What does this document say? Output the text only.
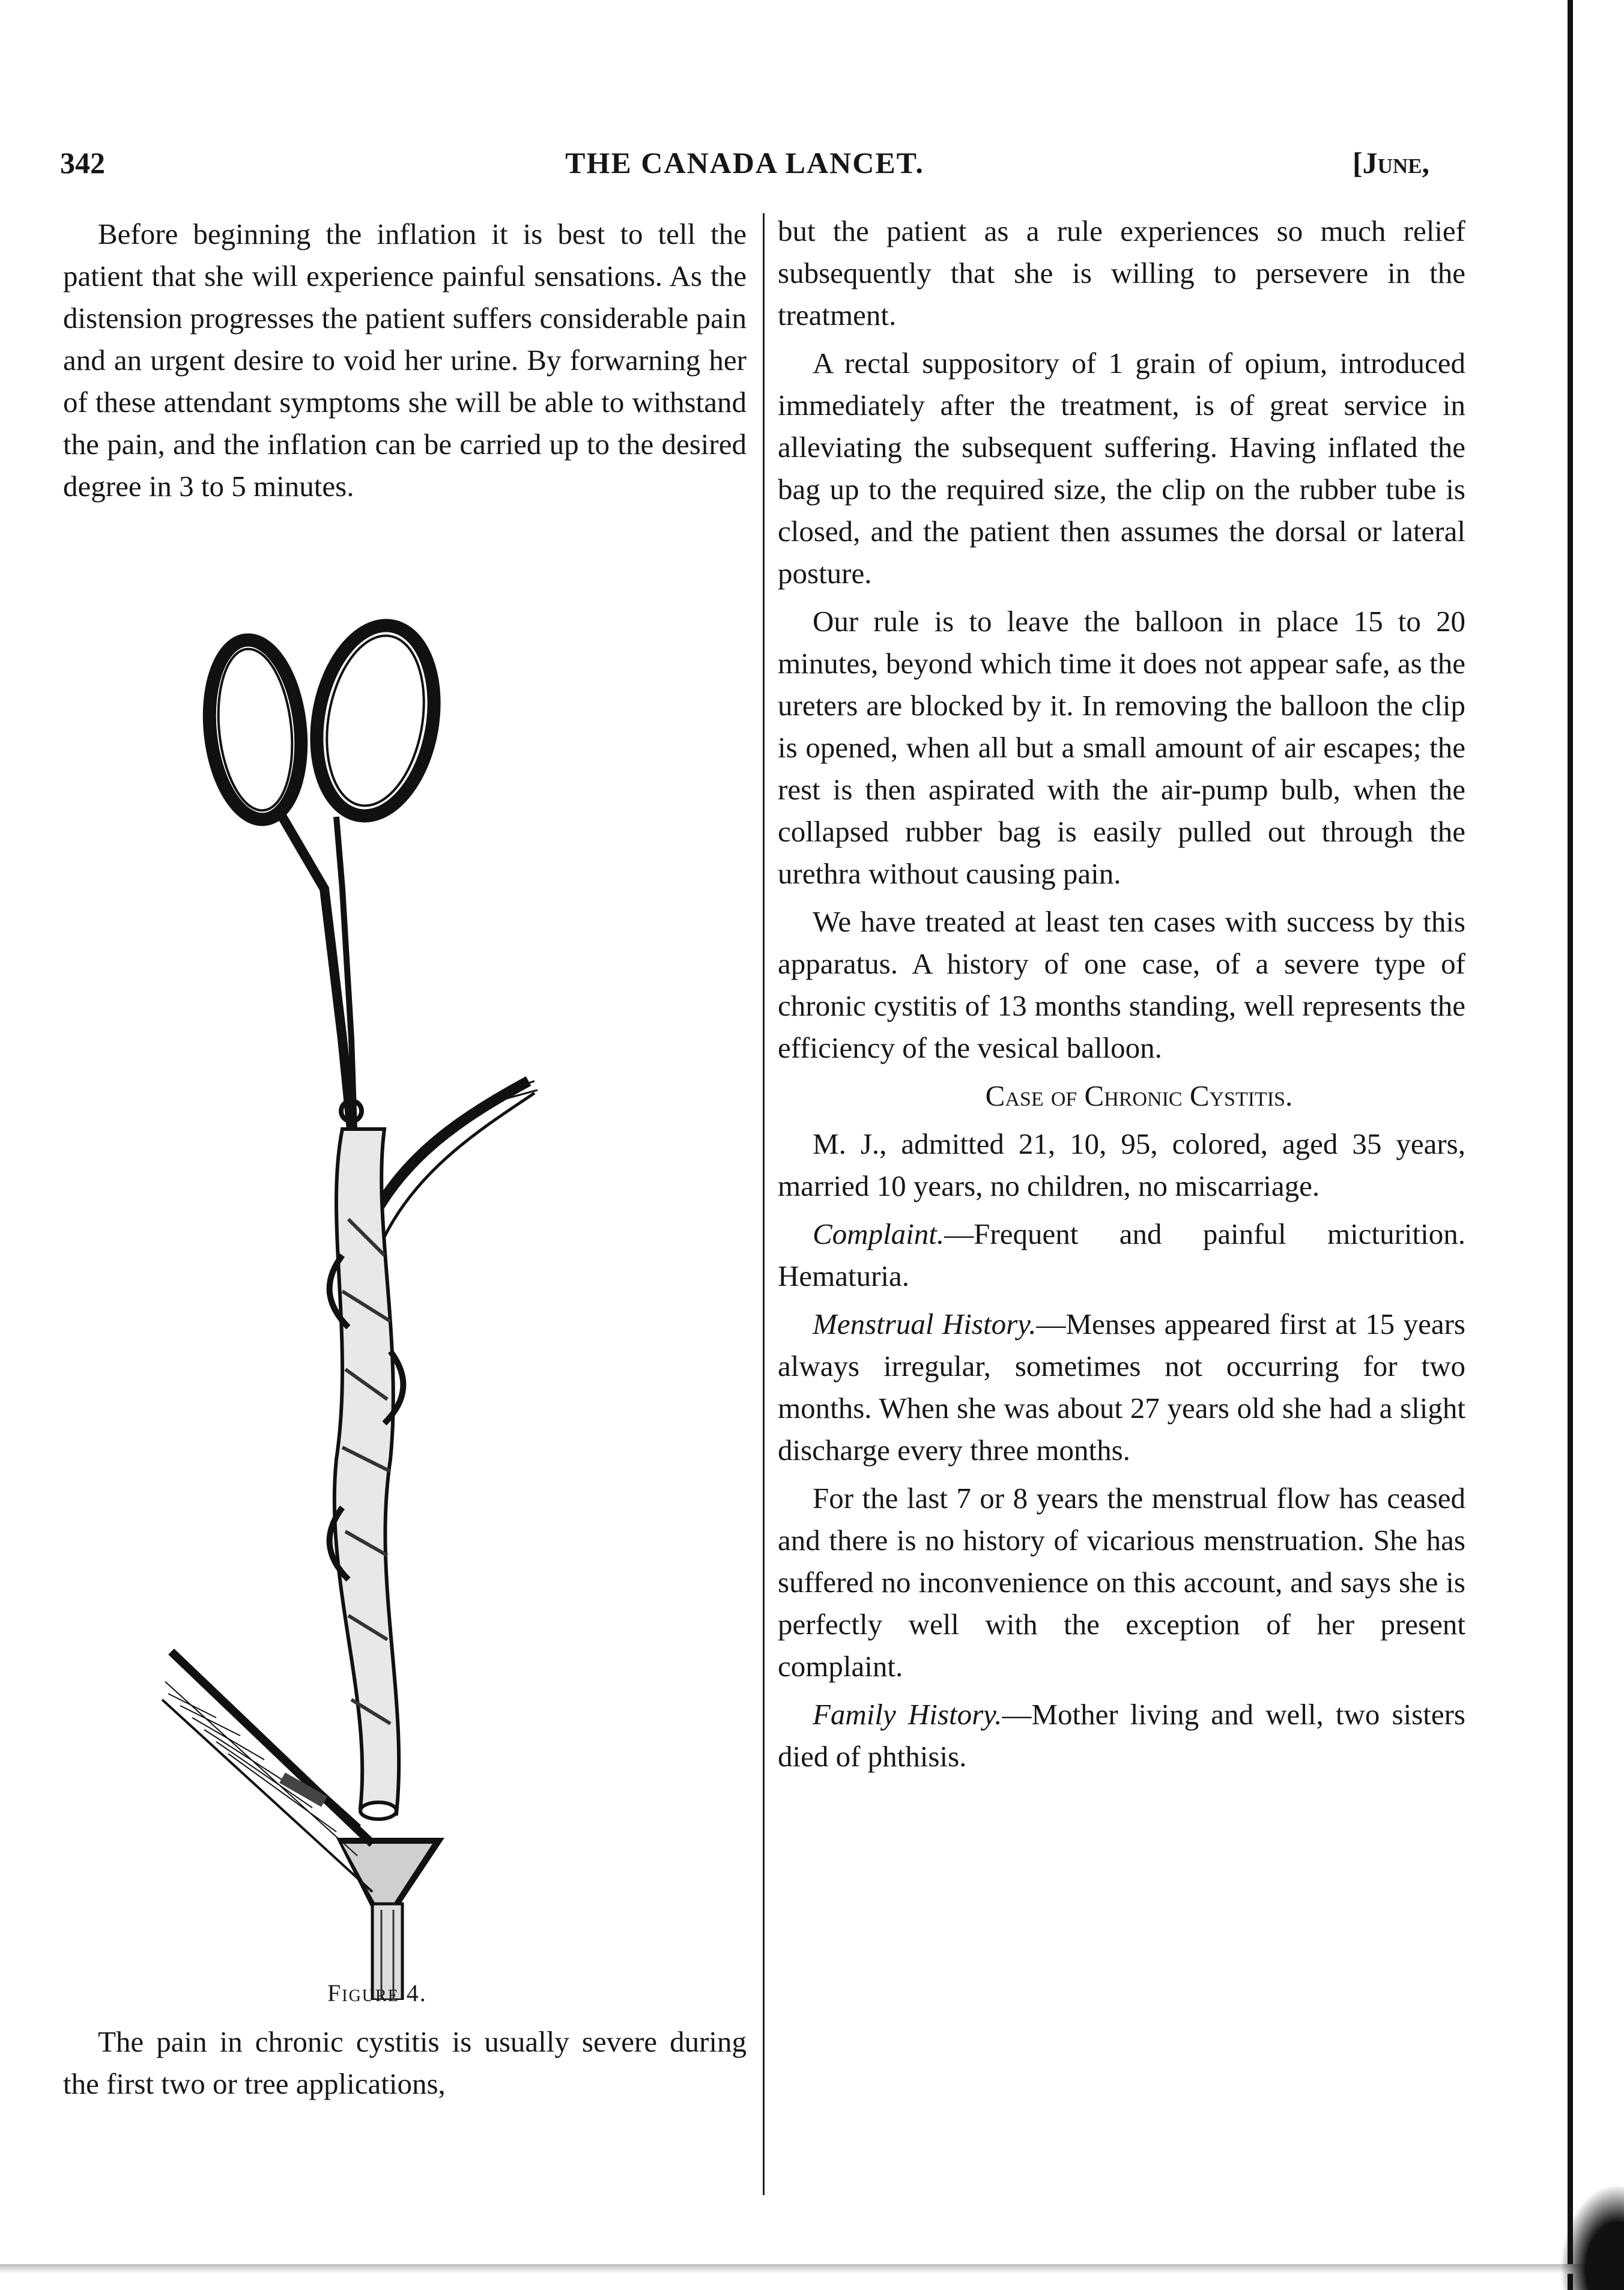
342	THE CANADA LANCET.	[June,

Before beginning the inflation it is best to tell the patient that she will experience painful sensations. As the distension progresses the patient suffers considerable pain and an urgent desire to void her urine. By forwarning her of these attendant symptoms she will be able to withstand the pain, and the inflation can be carried up to the desired degree in 3 to 5 minutes.

Figure 4.

The pain in chronic cystitis is usually severe during the first two or tree applications,

but the patient as a rule experiences so much relief subsequently that she is willing to persevere in the treatment.

A rectal suppository of 1 grain of opium, introduced immediately after the treatment, is of great service in alleviating the subsequent suffering. Having inflated the bag up to the required size, the clip on the rubber tube is closed, and the patient then assumes the dorsal or lateral posture.

Our rule is to leave the balloon in place 15 to 20 minutes, beyond which time it does not appear safe, as the ureters are blocked by it. In removing the balloon the clip is opened, when all but a small amount of air escapes; the rest is then aspirated with the air-pump bulb, when the collapsed rubber bag is easily pulled out through the urethra without causing pain.

We have treated at least ten cases with success by this apparatus. A history of one case, of a severe type of chronic cystitis of 13 months standing, well represents the efficiency of the vesical balloon.

Case of Chronic Cystitis.

M. J., admitted 21, 10, 95, colored, aged 35 years, married 10 years, no children, no miscarriage.

Complaint.—Frequent and painful micturition. Hematuria.

Menstrual History.—Menses appeared first at 15 years always irregular, sometimes not occurring for two months. When she was about 27 years old she had a slight discharge every three months.

For the last 7 or 8 years the menstrual flow has ceased and there is no history of vicarious menstruation. She has suffered no inconvenience on this account, and says she is perfectly well with the exception of her present complaint.

Family History.—Mother living and well, two sisters died of phthisis.
